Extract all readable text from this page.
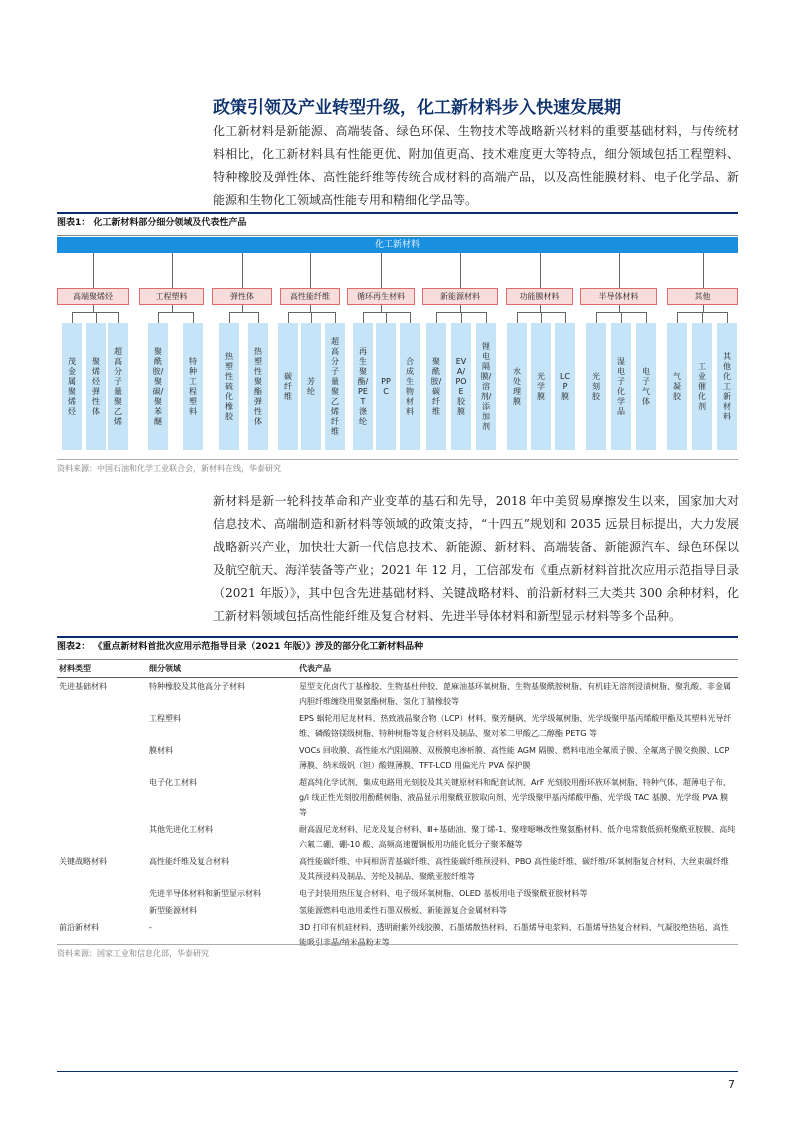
政策引领及产业转型升级，化工新材料步入快速发展期
化工新材料是新能源、高端装备、绿色环保、生物技术等战略新兴材料的重要基础材料，与传统材料相比，化工新材料具有性能更优、附加值更高、技术难度更大等特点，细分领域包括工程塑料、特种橡胶及弹性体、高性能纤维等传统合成材料的高端产品，以及高性能膜材料、电子化学品、新能源和生物化工领域高性能专用和精细化学品等。
图表1： 化工新材料部分细分领域及代表性产品
化工新材料
高端聚烯烃
茂金属聚烯烃
聚烯烃弹性体
超高分子量聚乙烯
工程塑料
聚酰胺/聚碳/聚苯醚
特种工程塑料
弹性体
热塑性硫化橡胶
热塑性聚酯弹性体
高性能纤维
碳纤维
芳纶
超高分子量聚乙烯纤维
循环再生材料
再生聚酯/PET涤纶
PPC
合成生物材料
新能源材料
聚酰胺/碳纤维
EVA/POE胶膜
锂电隔膜/溶剂/添加剂
功能膜材料
水处理膜
光学膜
LCP膜
半导体材料
光刻胶
湿电子化学品
电子气体
其他
气凝胶
工业催化剂
其他化工新材料
资料来源：中国石油和化学工业联合会，新材料在线，华泰研究
新材料是新一轮科技革命和产业变革的基石和先导，2018 年中美贸易摩擦发生以来，国家加大对信息技术、高端制造和新材料等领域的政策支持，“十四五”规划和 2035 远景目标提出，大力发展战略新兴产业，加快壮大新一代信息技术、新能源、新材料、高端装备、新能源汽车、绿色环保以及航空航天、海洋装备等产业；2021 年 12 月，工信部发布《重点新材料首批次应用示范指导目录（2021 年版）》，其中包含先进基础材料、关键战略材料、前沿新材料三大类共 300 余种材料，化工新材料领域包括高性能纤维及复合材料、先进半导体材料和新型显示材料等多个品种。
图表2： 《重点新材料首批次应用示范指导目录（2021 年版）》涉及的部分化工新材料品种
材料类型	细分领域	代表产品
先进基础材料	特种橡胶及其他高分子材料	星型支化卤代丁基橡胶、生物基杜仲胶、蓖麻油基环氧树脂、生物基聚酰胺树脂、有机硅无溶剂浸渍树脂、聚乳酸、非金属内胆纤维缠绕用聚氨酯树脂、氢化丁腈橡胶等
	工程塑料	EPS 蜗轮用尼龙材料、热致液晶聚合物（LCP）材料、聚芳醚砜、光学级氟树脂、光学级聚甲基丙烯酸甲酯及其塑料光导纤维、磷酸铬镁级树脂、特种树脂等复合材料及制品、聚对苯二甲酸乙二醇酯 PETG 等
	膜材料	VOCs 回收膜、高性能水汽阻隔膜、双极膜电渗析膜、高性能 AGM 隔膜、燃料电池全氟质子膜、全氟离子膜交换膜、LCP 薄膜、纳米级钒（钽）酸锂薄膜、TFT-LCD 用偏光片 PVA 保护膜
	电子化工材料	超高纯化学试剂、集成电路用光刻胶及其关键原材料和配套试剂、ArF 光刻胶用酚环族环氧树脂、特种气体、超薄电子布、g/i 线正性光刻胶用酚醛树脂、液晶显示用聚酰亚胺取向剂、光学级聚甲基丙烯酸甲酯、光学级 TAC 基膜、光学级 PVA 膜等
	其他先进化工材料	耐高温尼龙材料、尼龙及复合材料、Ⅲ+基础油、聚丁烯-1、聚喹噁啉改性聚氨酯材料、低介电常数低损耗聚酰亚胺膜、高纯六氟二硼、硼-10 酸、高频高速覆铜板用功能化低分子聚苯醚等
关键战略材料	高性能纤维及复合材料	高性能碳纤维、中间相沥青基碳纤维、高性能碳纤维预浸料、PBO 高性能纤维、碳纤维/环氧树脂复合材料、大丝束碳纤维及其预浸料及制品、芳纶及制品、聚酰亚胺纤维等
	先进半导体材料和新型显示材料	电子封装用热压复合材料、电子级环氧树脂、OLED 基板用电子级聚酰亚胺材料等
	新型能源材料	氢能源燃料电池用柔性石墨双极板、新能源复合金属材料等
前沿新材料	-	3D 打印有机硅材料、透明耐紫外线胶膜、石墨烯散热材料、石墨烯导电浆料、石墨烯导热复合材料、气凝胶绝热毡、高性能吸引非晶/纳米晶粉末等
资料来源：国家工业和信息化部，华泰研究
7
